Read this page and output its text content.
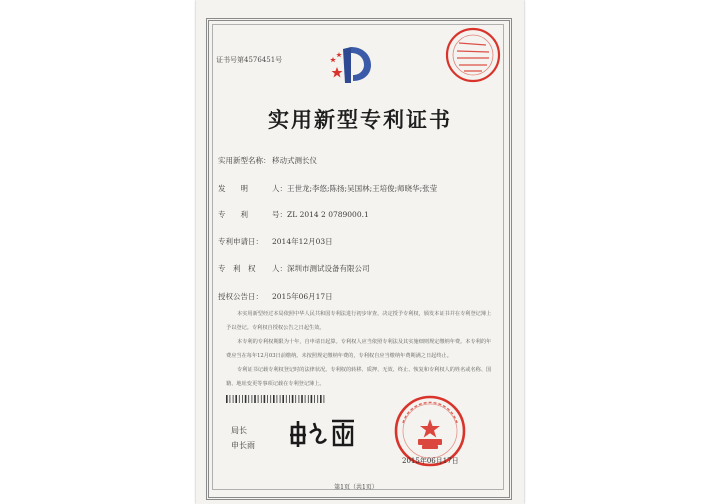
证书号第4576451号
实用新型专利证书
实用新型名称： 移动式测长仪
发　　明	人：王世龙;李悠;陈扬;吴国林;王培俊;师晓华;张莹
专　　利	号：ZL 2014 2 0789000.1
专利申请日： 2014年12月03日
专　利　权 人：深圳市测试设备有限公司
授权公告日： 2015年06月17日

本实用新型经过本局依照中华人民共和国专利法进行初步审查，决定授予专利权，颁发本证书并在专利登记簿上予以登记。专利权自授权公告之日起生效。

本专利的专利权期限为十年，自申请日起算。专利权人应当依照专利法及其实施细则规定缴纳年费。本专利的年费应当在每年12月03日前缴纳。未按照规定缴纳年费的，专利权自应当缴纳年费期满之日起终止。

专利证书记载专利权登记时的法律状况。专利权的转移、质押、无效、终止、恢复和专利权人的姓名或名称、国籍、地址变更等事项记载在专利登记簿上。

局长
申长雨
2015年06月17日
第1页（共1页）
